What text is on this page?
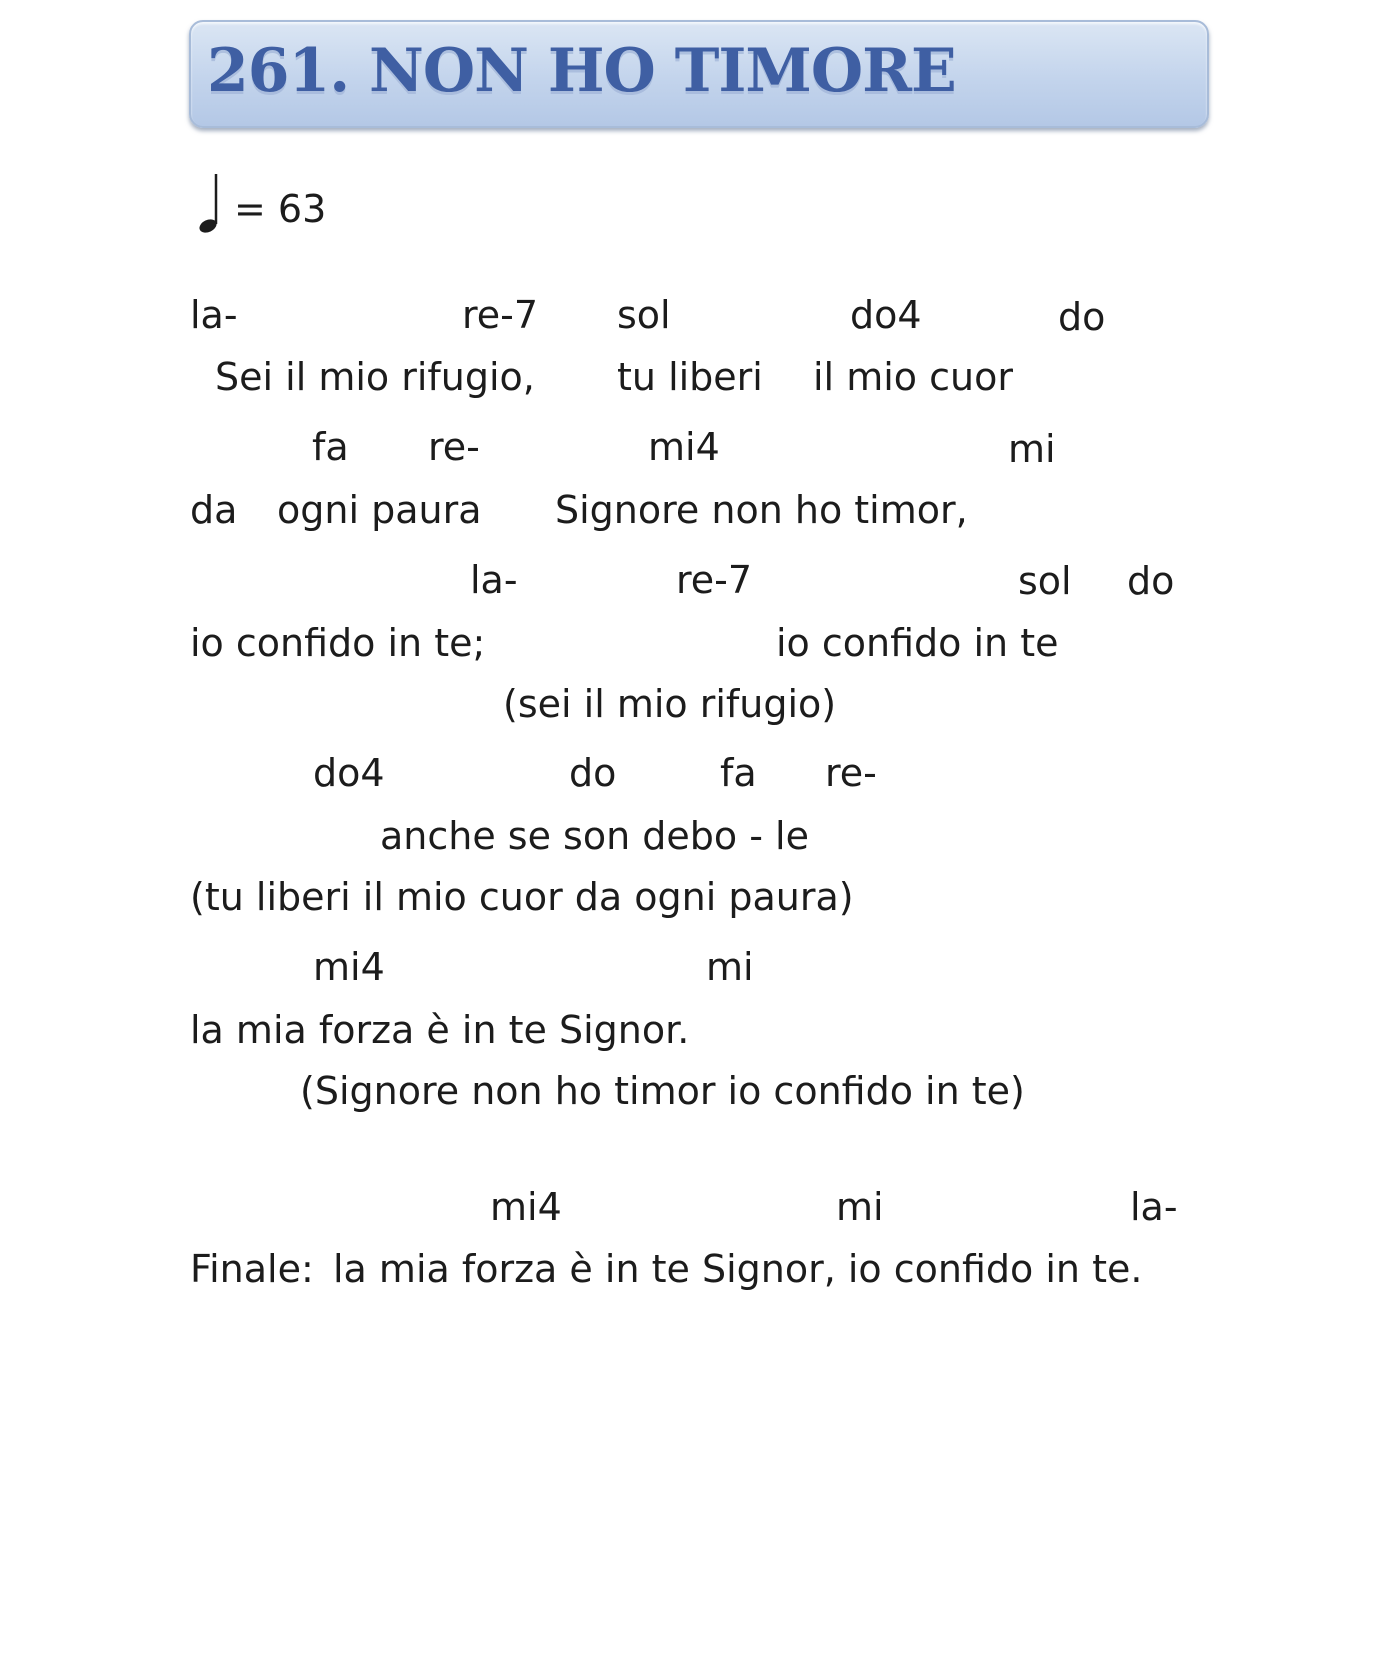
261. NON HO TIMORE
= 63
la-	re-7 sol	do4	do
Sei il mio rifugio, tu liberi il mio cuor
fa re-	mi4	mi
da ogni paura Signore non ho timor,
la-	re-7	sol do
io confido in te;	io confido in te
(sei il mio rifugio)
do4	do	fa re-
anche se son debo - le
(tu liberi il mio cuor da ogni paura)
mi4	mi
la mia forza è in te Signor.
(Signore non ho timor io confido in te)
mi4	mi	la-
Finale: la mia forza è in te Signor, io confido in te.
